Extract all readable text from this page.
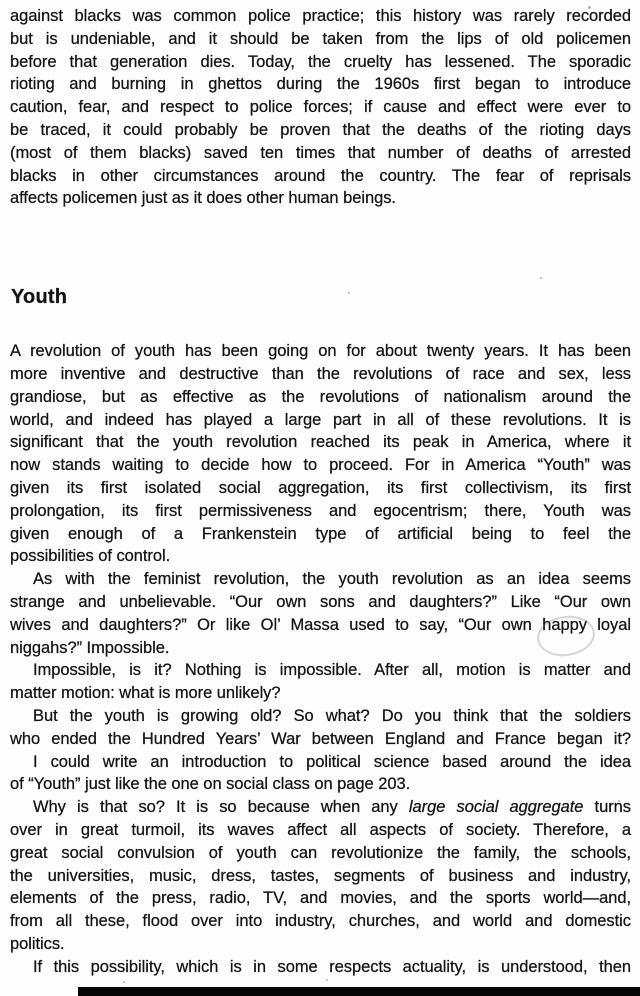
against blacks was common police practice; this history was rarely recorded
but is undeniable, and it should be taken from the lips of old policemen
before that generation dies. Today, the cruelty has lessened. The sporadic
rioting and burning in ghettos during the 1960s first began to introduce
caution, fear, and respect to police forces; if cause and effect were ever to
be traced, it could probably be proven that the deaths of the rioting days
(most of them blacks) saved ten times that number of deaths of arrested
blacks in other circumstances around the country. The fear of reprisals
affects policemen just as it does other human beings.
Youth
A revolution of youth has been going on for about twenty years. It has been
more inventive and destructive than the revolutions of race and sex, less
grandiose, but as effective as the revolutions of nationalism around the
world, and indeed has played a large part in all of these revolutions. It is
significant that the youth revolution reached its peak in America, where it
now stands waiting to decide how to proceed. For in America “Youth” was
given its first isolated social aggregation, its first collectivism, its first
prolongation, its first permissiveness and egocentrism; there, Youth was
given enough of a Frankenstein type of artificial being to feel the
possibilities of control.
As with the feminist revolution, the youth revolution as an idea seems
strange and unbelievable. “Our own sons and daughters?” Like “Our own
wives and daughters?” Or like Ol’ Massa used to say, “Our own happy loyal
niggahs?” Impossible.
Impossible, is it? Nothing is impossible. After all, motion is matter and
matter motion: what is more unlikely?
But the youth is growing old? So what? Do you think that the soldiers
who ended the Hundred Years’ War between England and France began it?
I could write an introduction to political science based around the idea
of “Youth” just like the one on social class on page 203.
Why is that so? It is so because when any large social aggregate turns
over in great turmoil, its waves affect all aspects of society. Therefore, a
great social convulsion of youth can revolutionize the family, the schools,
the universities, music, dress, tastes, segments of business and industry,
elements of the press, radio, TV, and movies, and the sports world—and,
from all these, flood over into industry, churches, and world and domestic
politics.
If this possibility, which is in some respects actuality, is understood, then
